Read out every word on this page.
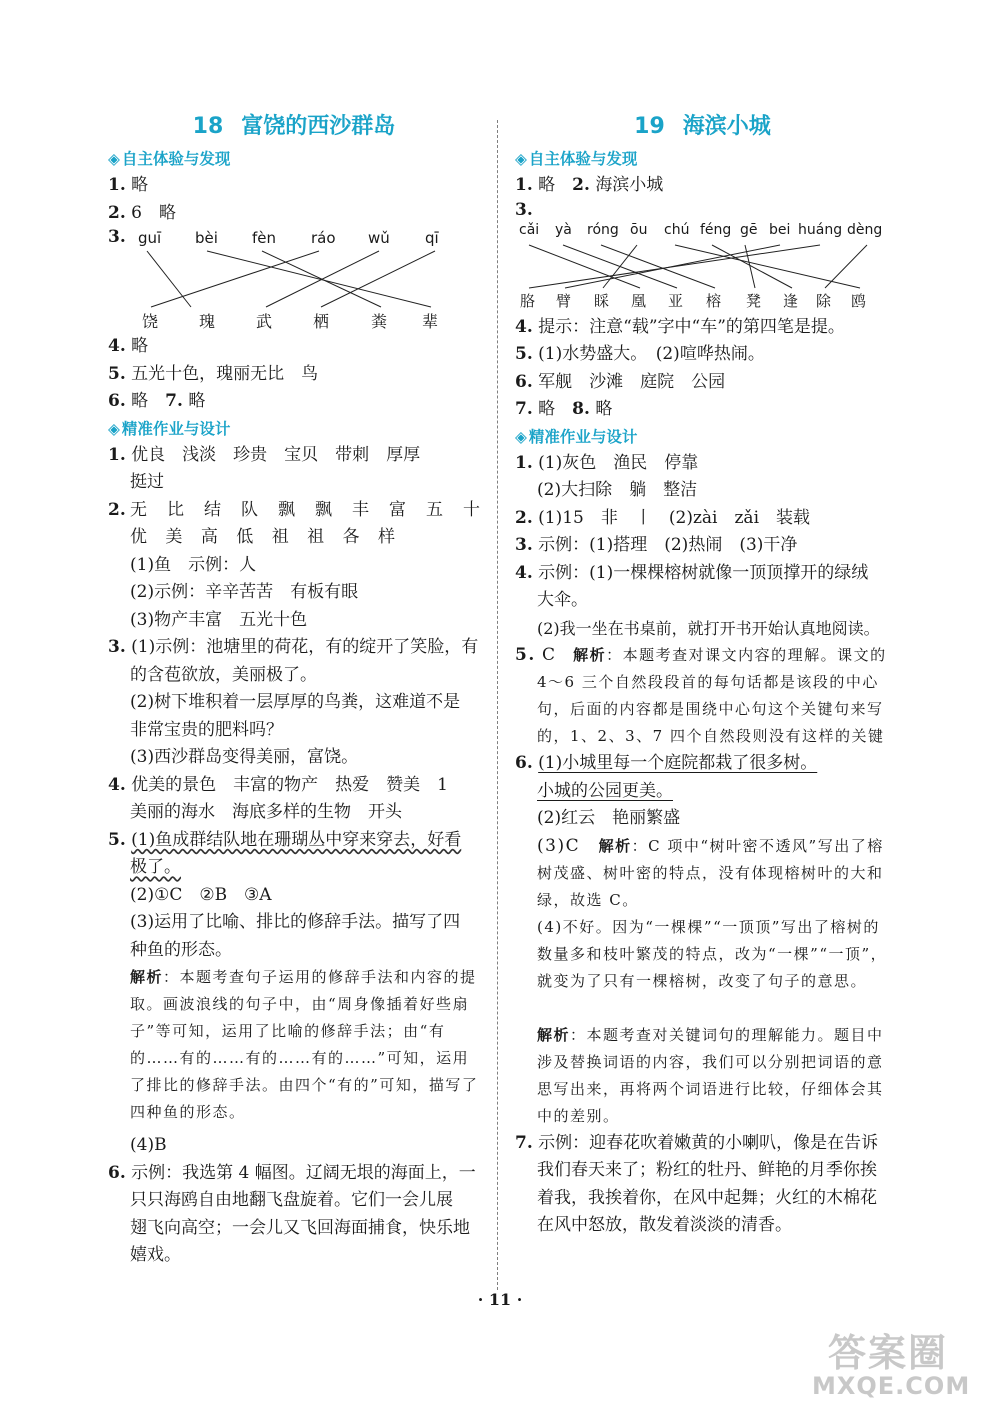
18 富饶的西沙群岛
◈ 自主体验与发现
1. 略
2. 6　略
3. guī bèi fèn ráo wǔ qī
饶	瑰	武	栖	粪 辈
4. 略
5. 五光十色，瑰丽无比　鸟
6. 略　 7. 略
◈ 精准作业与设计
1. 优良　浅淡　珍贵　宝贝　带刺　厚厚
挺过
2. 无 比 结 队 飘 飘 丰 富 五 十
优 美 高 低 祖 祖 各 样
(1)鱼　示例：人
(2)示例：辛辛苦苦　有板有眼
(3)物产丰富　五光十色
3. (1)示例：池塘里的荷花，有的绽开了笑脸，有
的含苞欲放，美丽极了。
(2)树下堆积着一层厚厚的鸟粪，这难道不是
非常宝贵的肥料吗？
(3)西沙群岛变得美丽，富饶。
4. 优美的景色　丰富的物产　热爱　赞美　1
美丽的海水　海底多样的生物　开头
5. (1)鱼成群结队地在珊瑚丛中穿来穿去，好看
极了。
(2)①C　②B　③A
(3)运用了比喻、排比的修辞手法。描写了四
种鱼的形态。
解析：本题考查句子运用的修辞手法和内容的提取。画波浪线的句子中，由“周身像插着好些扇子”等可知，运用了比喻的修辞手法；由“有的……有的……有的……有的……”可知，运用了排比的修辞手法。由四个“有的”可知，描写了四种鱼的形态。
(4)B
6. 示例：我选第 4 幅图。辽阔无垠的海面上，一
只只海鸥自由地翻飞盘旋着。它们一会儿展
翅飞向高空；一会儿又飞回海面捕食，快乐地
嬉戏。
19 海滨小城
◈ 自主体验与发现
1. 略　 2. 海滨小城
3.
cǎi yà róng ōu chú féng gē bei huáng dèng
胳 臂 睬 凰 亚 榕 凳 逢 除 鸥
4. 提示：注意“载”字中“车”的第四笔是提。
5. (1)水势盛大。　(2)喧哗热闹。
6. 军舰　沙滩　庭院　公园
7. 略　 8. 略
◈ 精准作业与设计
1. (1)灰色　渔民　停靠
(2)大扫除　躺　整洁
2. (1)15　非　丨　(2)zài　zǎi　装载
3. 示例：(1)搭理　(2)热闹　(3)干净
4. 示例：(1)一棵棵榕树就像一顶顶撑开的绿绒
大伞。
(2)我一坐在书桌前，就打开书开始认真地阅读。
5. C　 解析：本题考查对课文内容的理解。课文的 4～6 三个自然段段首的每句话都是该段的中心句，后面的内容都是围绕中心句这个关键句来写的，1、2、3、7 四个自然段则没有这样的关键
6. (1)小城里每一个庭院都栽了很多树。
小城的公园更美。
(2)红云　艳丽繁盛
(3)C　解析：C 项中“树叶密不透风”写出了榕树茂盛、树叶密的特点，没有体现榕树叶的大和绿，故选 C。
(4)不好。因为“一棵棵”“一顶顶”写出了榕树的数量多和枝叶繁茂的特点，改为“一棵”“一顶”，就变为了只有一棵榕树，改变了句子的意思。
解析：本题考查对关键词句的理解能力。题目中涉及替换词语的内容，我们可以分别把词语的意思写出来，再将两个词语进行比较，仔细体会其中的差别。
7. 示例：迎春花吹着嫩黄的小喇叭，像是在告诉
我们春天来了；粉红的牡丹、鲜艳的月季你挨
着我，我挨着你，在风中起舞；火红的木棉花
在风中怒放，散发着淡淡的清香。
· 11 ·
答案圈
MXQE.COM
